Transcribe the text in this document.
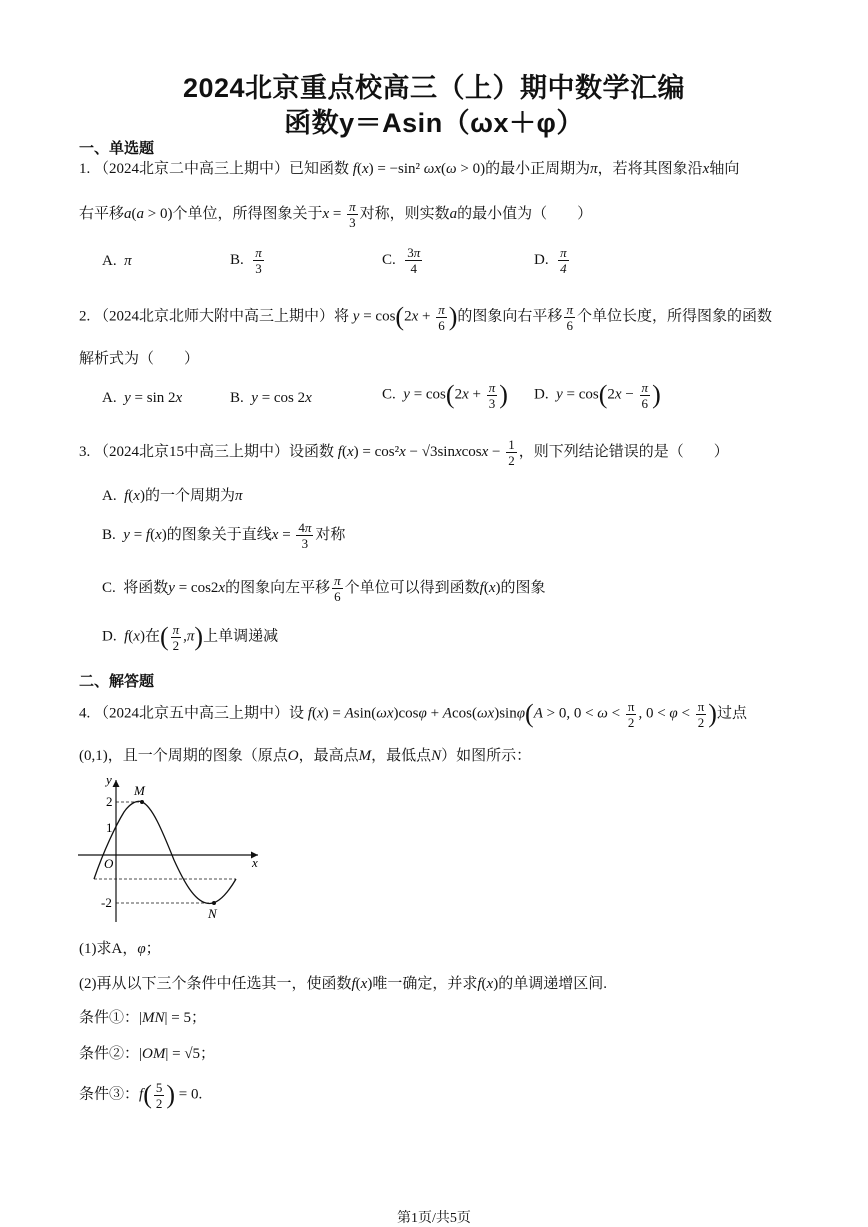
2024北京重点校高三（上）期中数学汇编
函数y＝Asin（ωx＋φ）
一、单选题
1. （2024北京二中高三上期中）已知函数 f(x) = −sin² ωx(ω > 0)的最小正周期为π，若将其图象沿x轴向
右平移a(a > 0)个单位，所得图象关于$x = \frac{\pi}{3}$ 对称，则实数a的最小值为（　　）
A. π	B. $\frac{\pi}{3}$	C. $\frac{3\pi}{4}$	D. $\frac{\pi}{4}$
2. （2024北京北师大附中高三上期中）将 $y = \cos(2x + \frac{\pi}{6}$ )的图象向右平移 $\frac{\pi}{6}$ 个单位长度，所得图象的函数
解析式为（　　）
A. y = sin 2x	B. y = cos 2x	C. $y = \cos(2x + \frac{\pi}{3}$ ) D. $y = \cos(2x - \frac{\pi}{6}$ )
3. （2024北京15中高三上期中）设函数 f(x) = cos²x − √3sinxcosx − $\frac{1}{2}$ ，则下列结论错误的是（　　）
A. f(x)的一个周期为π
B. y = f(x)的图象关于直线$x = \frac{4\pi}{3}$ 对称
C. 将函数y = cos2x的图象向左平移 $\frac{\pi}{6}$ 个单位可以得到函数f(x)的图象
D. f(x)在( $\frac{\pi}{2} ,\pi$)上单调递减
二、解答题
4. （2024北京五中高三上期中）设 f(x) = Asin(ωx)cosφ + Acos(ωx)sinφ(A > 0, $0 < \omega < \frac{\pi}{2}$ , $0 < \varphi < \frac{\pi}{2}$ )过点
(0,1)，且一个周期的图象（原点O，最高点M，最低点N）如图所示：
y
x
O
M
N
2
1
-2
(1)求A，φ；
(2)再从以下三个条件中任选其一，使函数f(x)唯一确定，并求f(x)的单调递增区间.
条件①：|MN| = 5；
条件②：|OM| = √5；
条件③：$f( \frac{5}{2}$ ) = 0.
第1页/共5页
